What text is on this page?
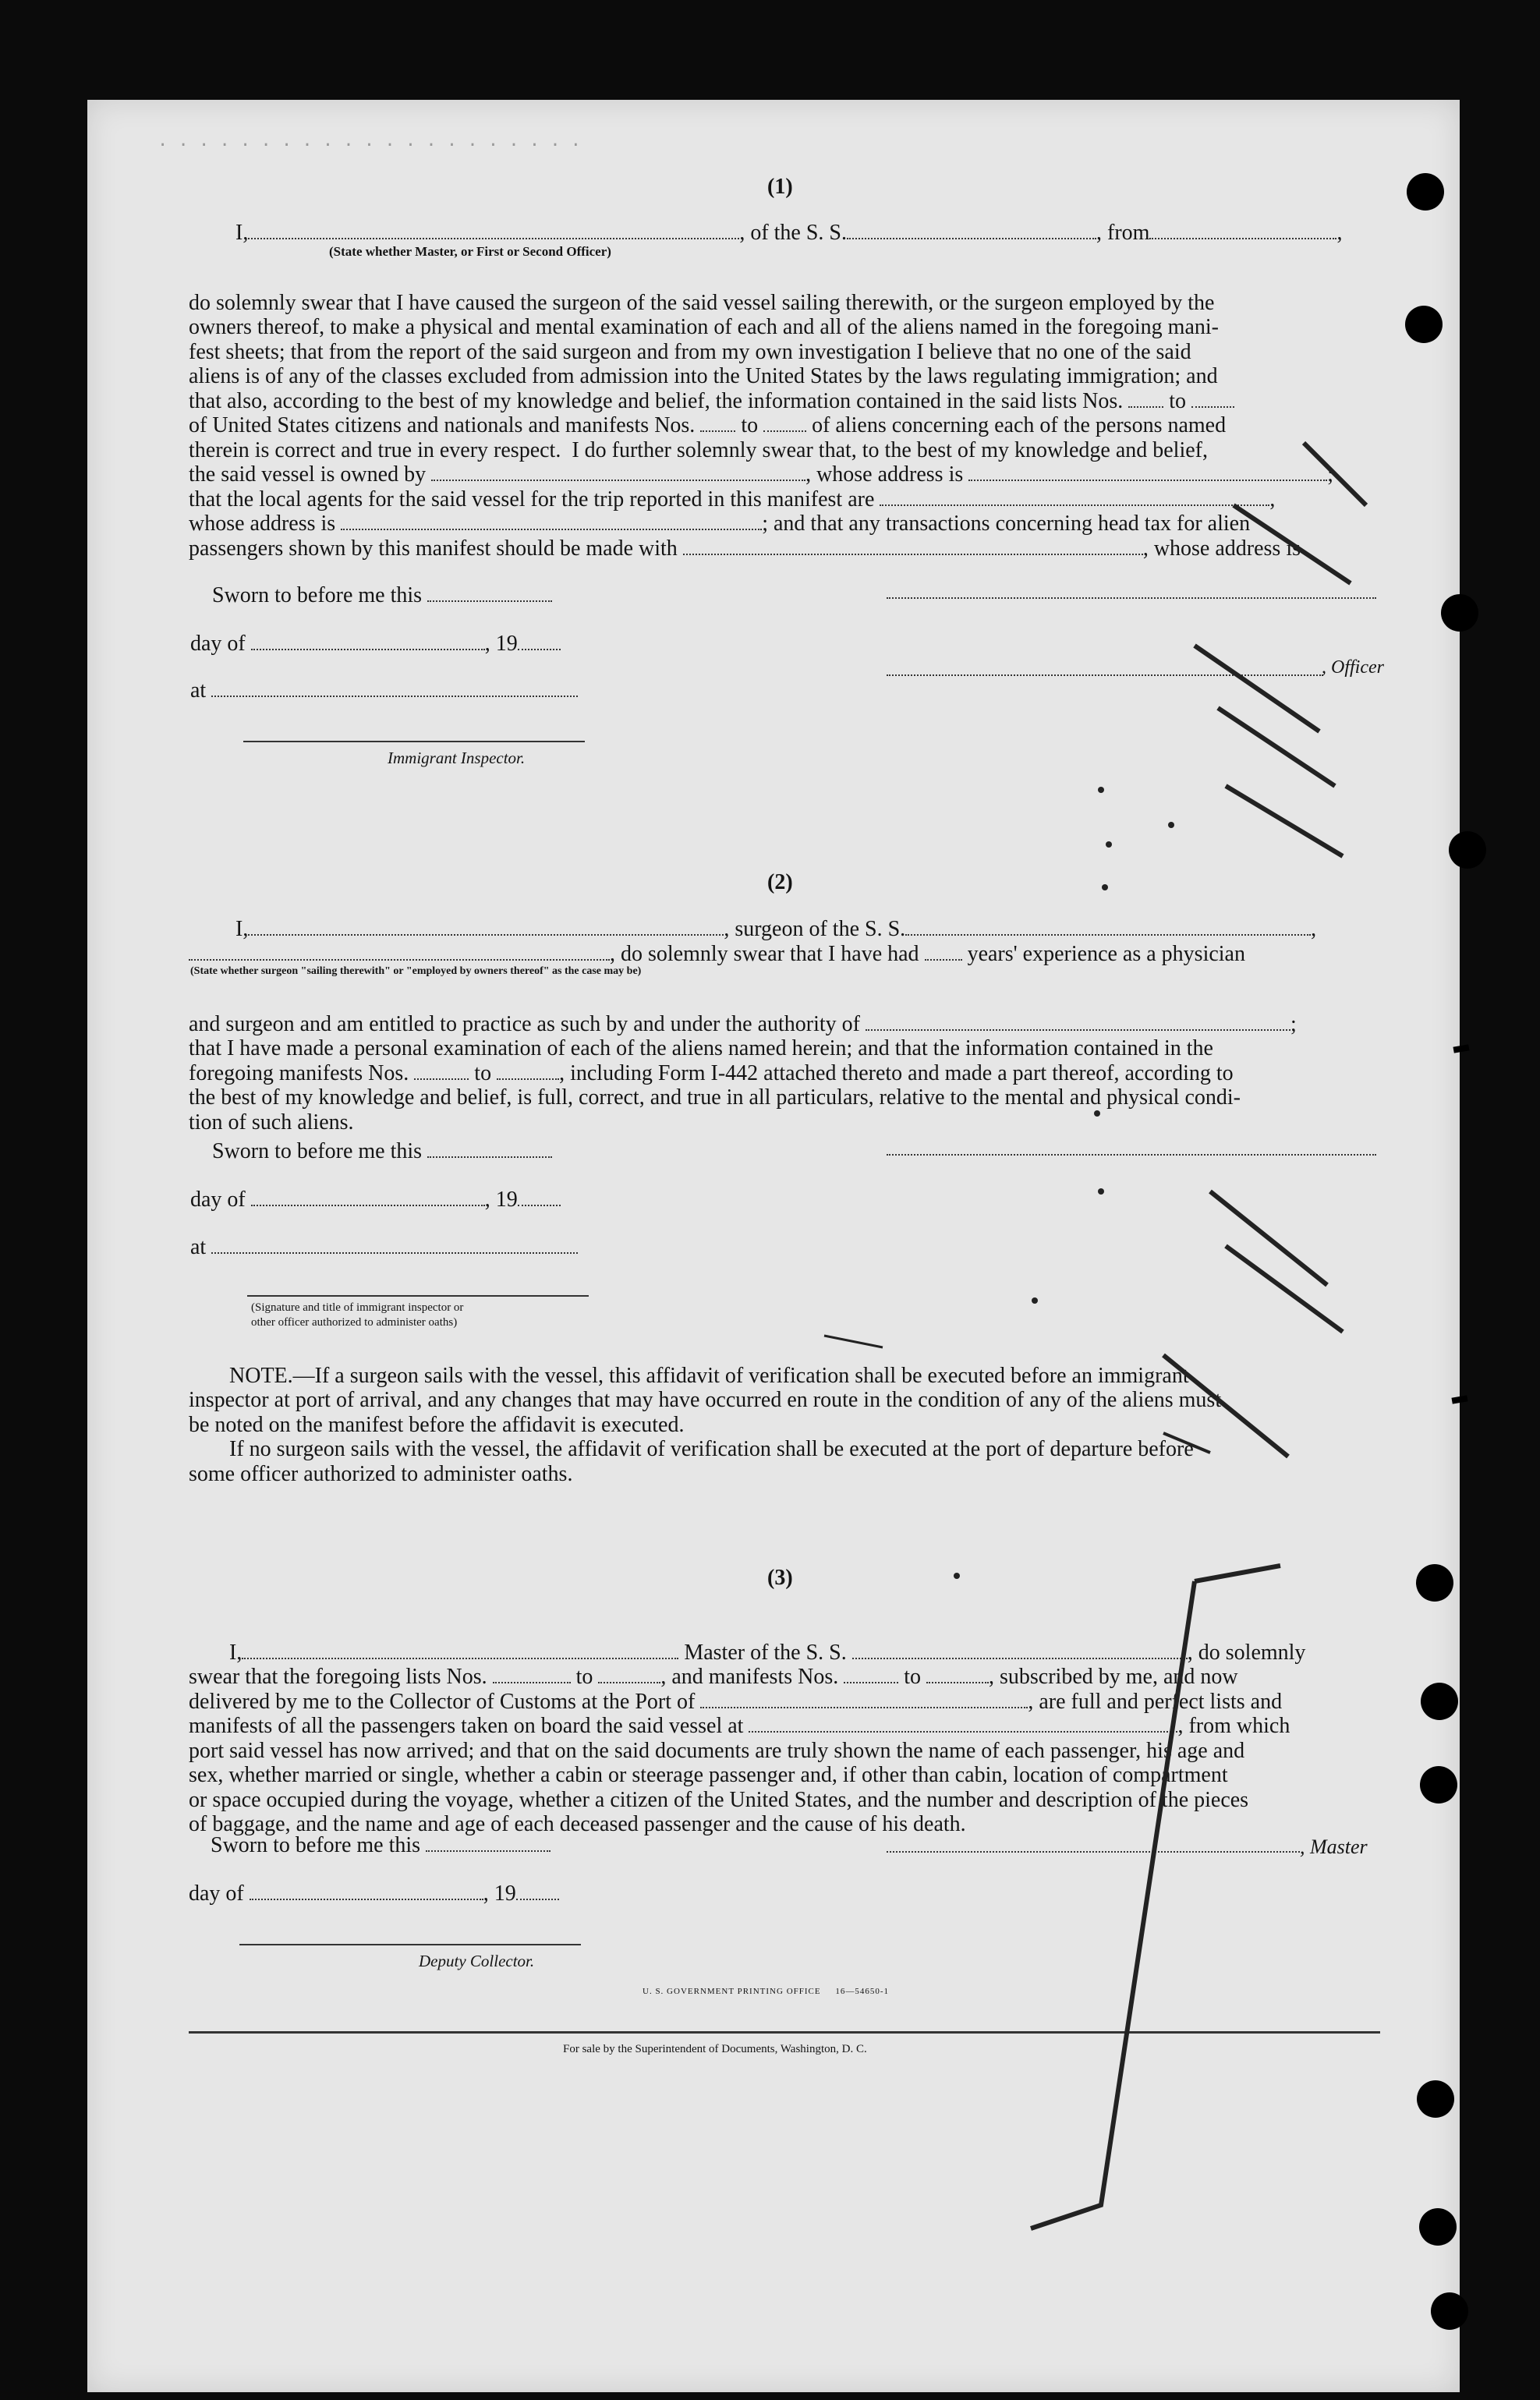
. . . . . . . . . . . . . . . . . . . . .
(1)
I,	, of the S. S.	, from	,
(State whether Master, or First or Second Officer)

do solemnly swear that I have caused the surgeon of the said vessel sailing therewith, or the surgeon employed by the
owners thereof, to make a physical and mental examination of each and all of the aliens named in the foregoing mani-
fest sheets; that from the report of the said surgeon and from my own investigation I believe that no one of the said
aliens is of any of the classes excluded from admission into the United States by the laws regulating immigration; and
that also, according to the best of my knowledge and belief, the information contained in the said lists Nos. to
of United States citizens and nationals and manifests Nos. to of aliens concerning each of the persons named
therein is correct and true in every respect.  I do further solemnly swear that, to the best of my knowledge and belief,
the said vessel is owned by	, whose address is	;
that the local agents for the said vessel for the trip reported in this manifest are	,
whose address is	; and that any transactions concerning head tax for alien
passengers shown by this manifest should be made with	, whose address is

Sworn to before me this
day of	, 19
at
Immigrant Inspector.
, Officer
(2)
I,	, surgeon of the S. S.	,
, do solemnly swear that I have had years' experience as a physician
(State whether surgeon "sailing therewith" or "employed by owners thereof" as the case may be)

and surgeon and am entitled to practice as such by and under the authority of	;
that I have made a personal examination of each of the aliens named herein; and that the information contained in the
foregoing manifests Nos.	to	, including Form I-442 attached thereto and made a part thereof, according to
the best of my knowledge and belief, is full, correct, and true in all particulars, relative to the mental and physical condi-
tion of such aliens.

Sworn to before me this
day of	, 19
at
(Signature and title of immigrant inspector or
other officer authorized to administer oaths)

NOTE.—If a surgeon sails with the vessel, this affidavit of verification shall be executed before an immigrant
inspector at port of arrival, and any changes that may have occurred en route in the condition of any of the aliens must
be noted on the manifest before the affidavit is executed.
If no surgeon sails with the vessel, the affidavit of verification shall be executed at the port of departure before
some officer authorized to administer oaths.

(3)

I,	Master of the S. S.	, do solemnly
swear that the foregoing lists Nos.	to	, and manifests Nos.	to	, subscribed by me, and now
delivered by me to the Collector of Customs at the Port of	, are full and perfect lists and
manifests of all the passengers taken on board the said vessel at	, from which
port said vessel has now arrived; and that on the said documents are truly shown the name of each passenger, his age and
sex, whether married or single, whether a cabin or steerage passenger and, if other than cabin, location of compartment
or space occupied during the voyage, whether a citizen of the United States, and the number and description of the pieces
of baggage, and the name and age of each deceased passenger and the cause of his death.

Sworn to before me this	, Master
day of	, 19
Deputy Collector.
U. S. GOVERNMENT PRINTING OFFICE     16—54650-1
For sale by the Superintendent of Documents, Washington, D. C.
